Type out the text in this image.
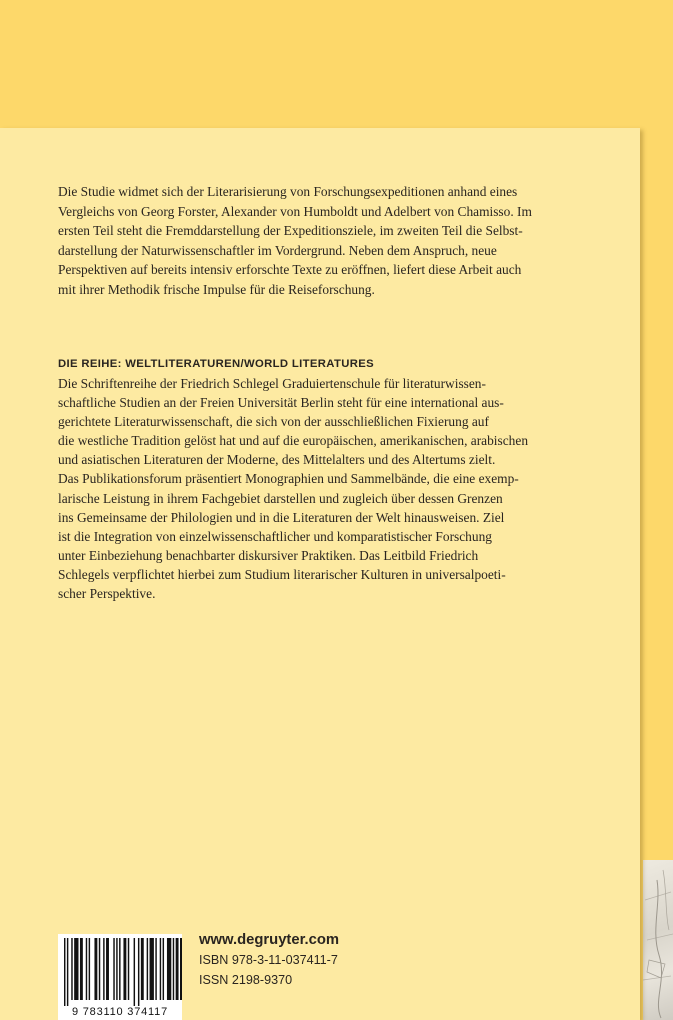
Die Studie widmet sich der Literarisierung von Forschungsexpeditionen anhand eines
Vergleichs von Georg Forster, Alexander von Humboldt und Adelbert von Chamisso. Im
ersten Teil steht die Fremddarstellung der Expeditionsziele, im zweiten Teil die Selbst-
darstellung der Naturwissenschaftler im Vordergrund. Neben dem Anspruch, neue
Perspektiven auf bereits intensiv erforschte Texte zu eröffnen, liefert diese Arbeit auch
mit ihrer Methodik frische Impulse für die Reiseforschung.

DIE REIHE: WELTLITERATUREN/WORLD LITERATURES

Die Schriftenreihe der Friedrich Schlegel Graduiertenschule für literaturwissen-
schaftliche Studien an der Freien Universität Berlin steht für eine international aus-
gerichtete Literaturwissenschaft, die sich von der ausschließlichen Fixierung auf
die westliche Tradition gelöst hat und auf die europäischen, amerikanischen, arabischen
und asiatischen Literaturen der Moderne, des Mittelalters und des Altertums zielt.
Das Publikationsforum präsentiert Monographien und Sammelbände, die eine exemp-
larische Leistung in ihrem Fachgebiet darstellen und zugleich über dessen Grenzen
ins Gemeinsame der Philologien und in die Literaturen der Welt hinausweisen. Ziel
ist die Integration von einzelwissenschaftlicher und komparatistischer Forschung
unter Einbeziehung benachbarter diskursiver Praktiken. Das Leitbild Friedrich
Schlegels verpflichtet hierbei zum Studium literarischer Kulturen in universalpoeti-
scher Perspektive.

9 783110 374117
www.degruyter.com
ISBN 978-3-11-037411-7
ISSN 2198-9370
